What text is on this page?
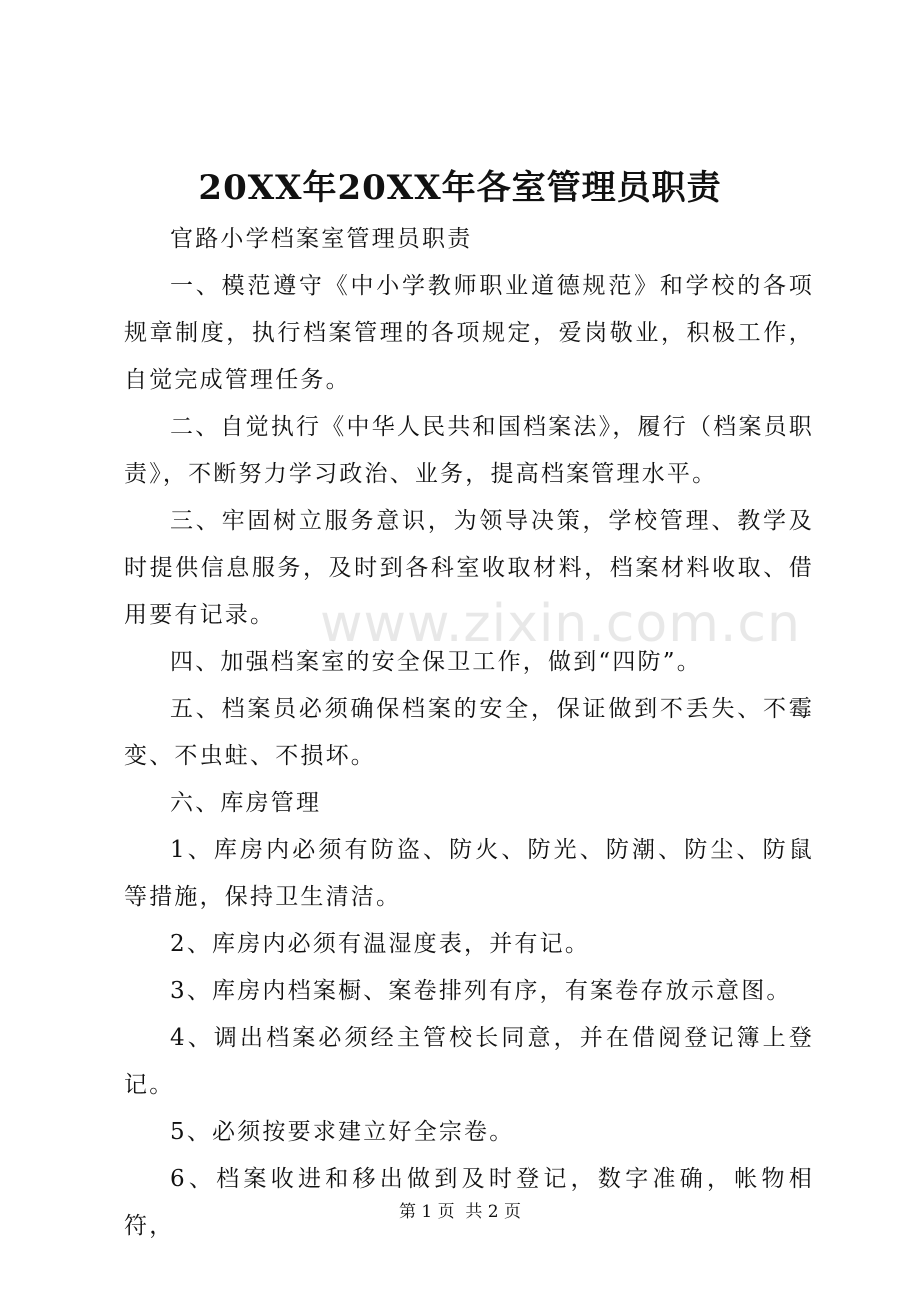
20XX年20XX年各室管理员职责

官路小学档案室管理员职责

一、模范遵守《中小学教师职业道德规范》和学校的各项规章制度，执行档案管理的各项规定，爱岗敬业，积极工作，自觉完成管理任务。

二、自觉执行《中华人民共和国档案法》，履行（档案员职责》，不断努力学习政治、业务，提高档案管理水平。

三、牢固树立服务意识，为领导决策，学校管理、教学及时提供信息服务，及时到各科室收取材料，档案材料收取、借用要有记录。

四、加强档案室的安全保卫工作，做到“四防”。

五、档案员必须确保档案的安全，保证做到不丢失、不霉变、不虫蛀、不损坏。

六、库房管理

1、库房内必须有防盗、防火、防光、防潮、防尘、防鼠等措施，保持卫生清洁。

2、库房内必须有温湿度表，并有记。

3、库房内档案橱、案卷排列有序，有案卷存放示意图。

4、调出档案必须经主管校长同意，并在借阅登记簿上登记。

5、必须按要求建立好全宗卷。

6、档案收进和移出做到及时登记，数字准确，帐物相符，

www.zixin.com.cn
第 1 页  共 2 页
